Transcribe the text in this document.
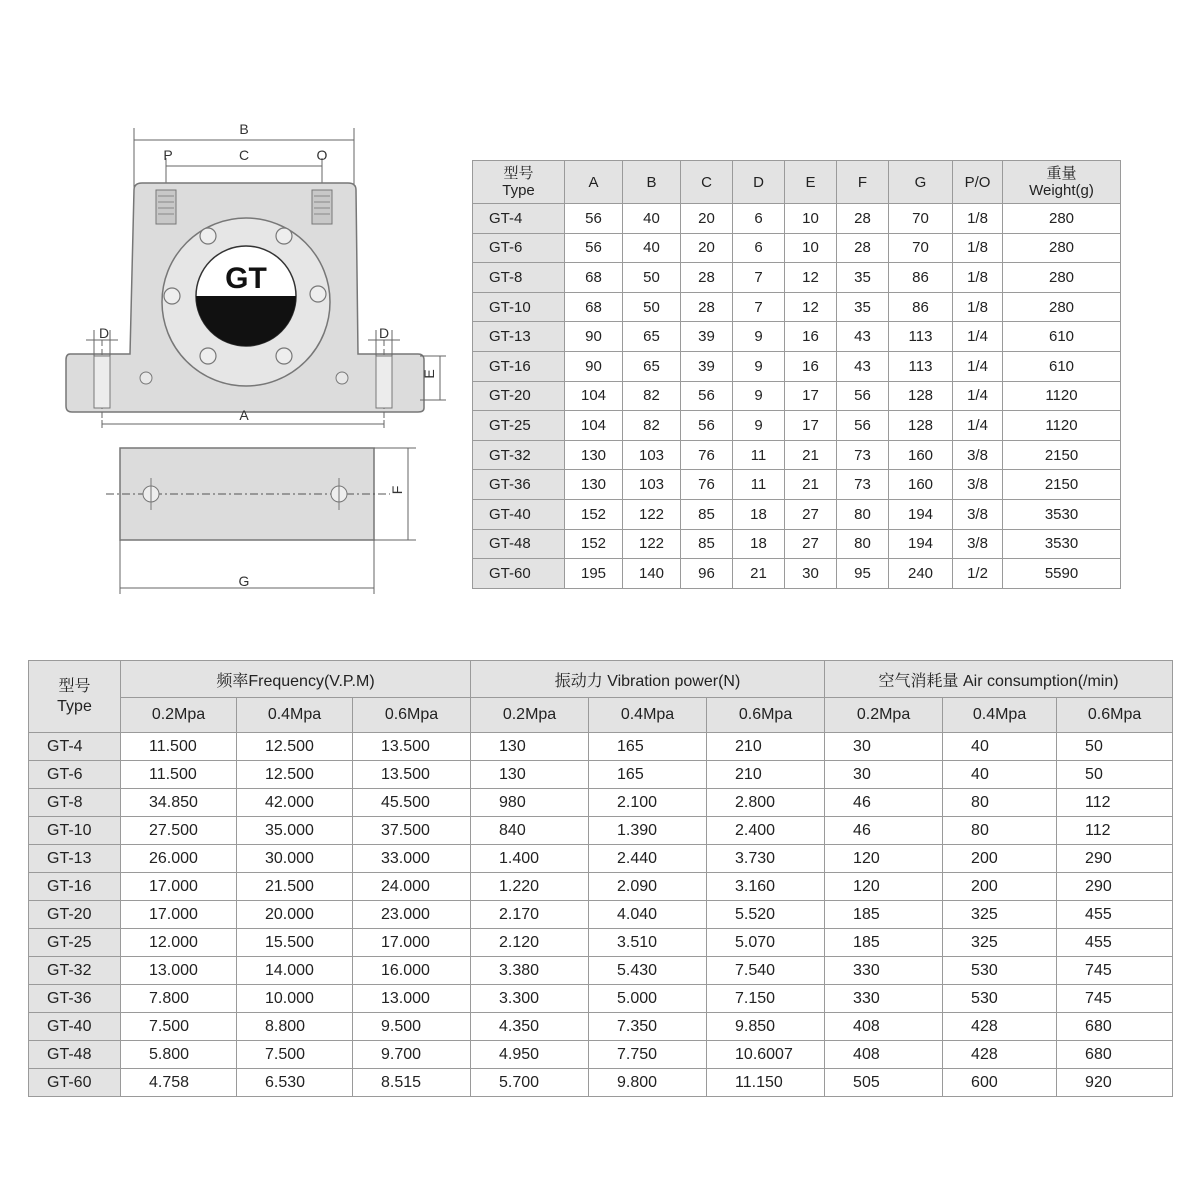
GT
B
P	C	O
D	D
E
A
F
G
型号
Type	A	B	C	D	E	F	G	P/O	重量
Weight(g)
GT-4	56	40	20	6	10	28	70	1/8	280
GT-6	56	40	20	6	10	28	70	1/8	280
GT-8	68	50	28	7	12	35	86	1/8	280
GT-10	68	50	28	7	12	35	86	1/8	280
GT-13	90	65	39	9	16	43	113	1/4	610
GT-16	90	65	39	9	16	43	113	1/4	610
GT-20	104	82	56	9	17	56	128	1/4	1120
GT-25	104	82	56	9	17	56	128	1/4	1120
GT-32	130	103	76	11	21	73	160	3/8	2150
GT-36	130	103	76	11	21	73	160	3/8	2150
GT-40	152	122	85	18	27	80	194	3/8	3530
GT-48	152	122	85	18	27	80	194	3/8	3530
GT-60	195	140	96	21	30	95	240	1/2	5590
型号
Type	频率Frequency(V.P.M)			振动力 Vibration power(N)			空气消耗量 Air consumption(/min)		
	0.2Mpa	0.4Mpa	0.6Mpa	0.2Mpa	0.4Mpa	0.6Mpa	0.2Mpa	0.4Mpa	0.6Mpa
GT-4	11.500	12.500	13.500	130	165	210	30	40	50
GT-6	11.500	12.500	13.500	130	165	210	30	40	50
GT-8	34.850	42.000	45.500	980	2.100	2.800	46	80	112
GT-10	27.500	35.000	37.500	840	1.390	2.400	46	80	112
GT-13	26.000	30.000	33.000	1.400	2.440	3.730	120	200	290
GT-16	17.000	21.500	24.000	1.220	2.090	3.160	120	200	290
GT-20	17.000	20.000	23.000	2.170	4.040	5.520	185	325	455
GT-25	12.000	15.500	17.000	2.120	3.510	5.070	185	325	455
GT-32	13.000	14.000	16.000	3.380	5.430	7.540	330	530	745
GT-36	7.800	10.000	13.000	3.300	5.000	7.150	330	530	745
GT-40	7.500	8.800	9.500	4.350	7.350	9.850	408	428	680
GT-48	5.800	7.500	9.700	4.950	7.750	10.6007	408	428	680
GT-60	4.758	6.530	8.515	5.700	9.800	11.150	505	600	920
